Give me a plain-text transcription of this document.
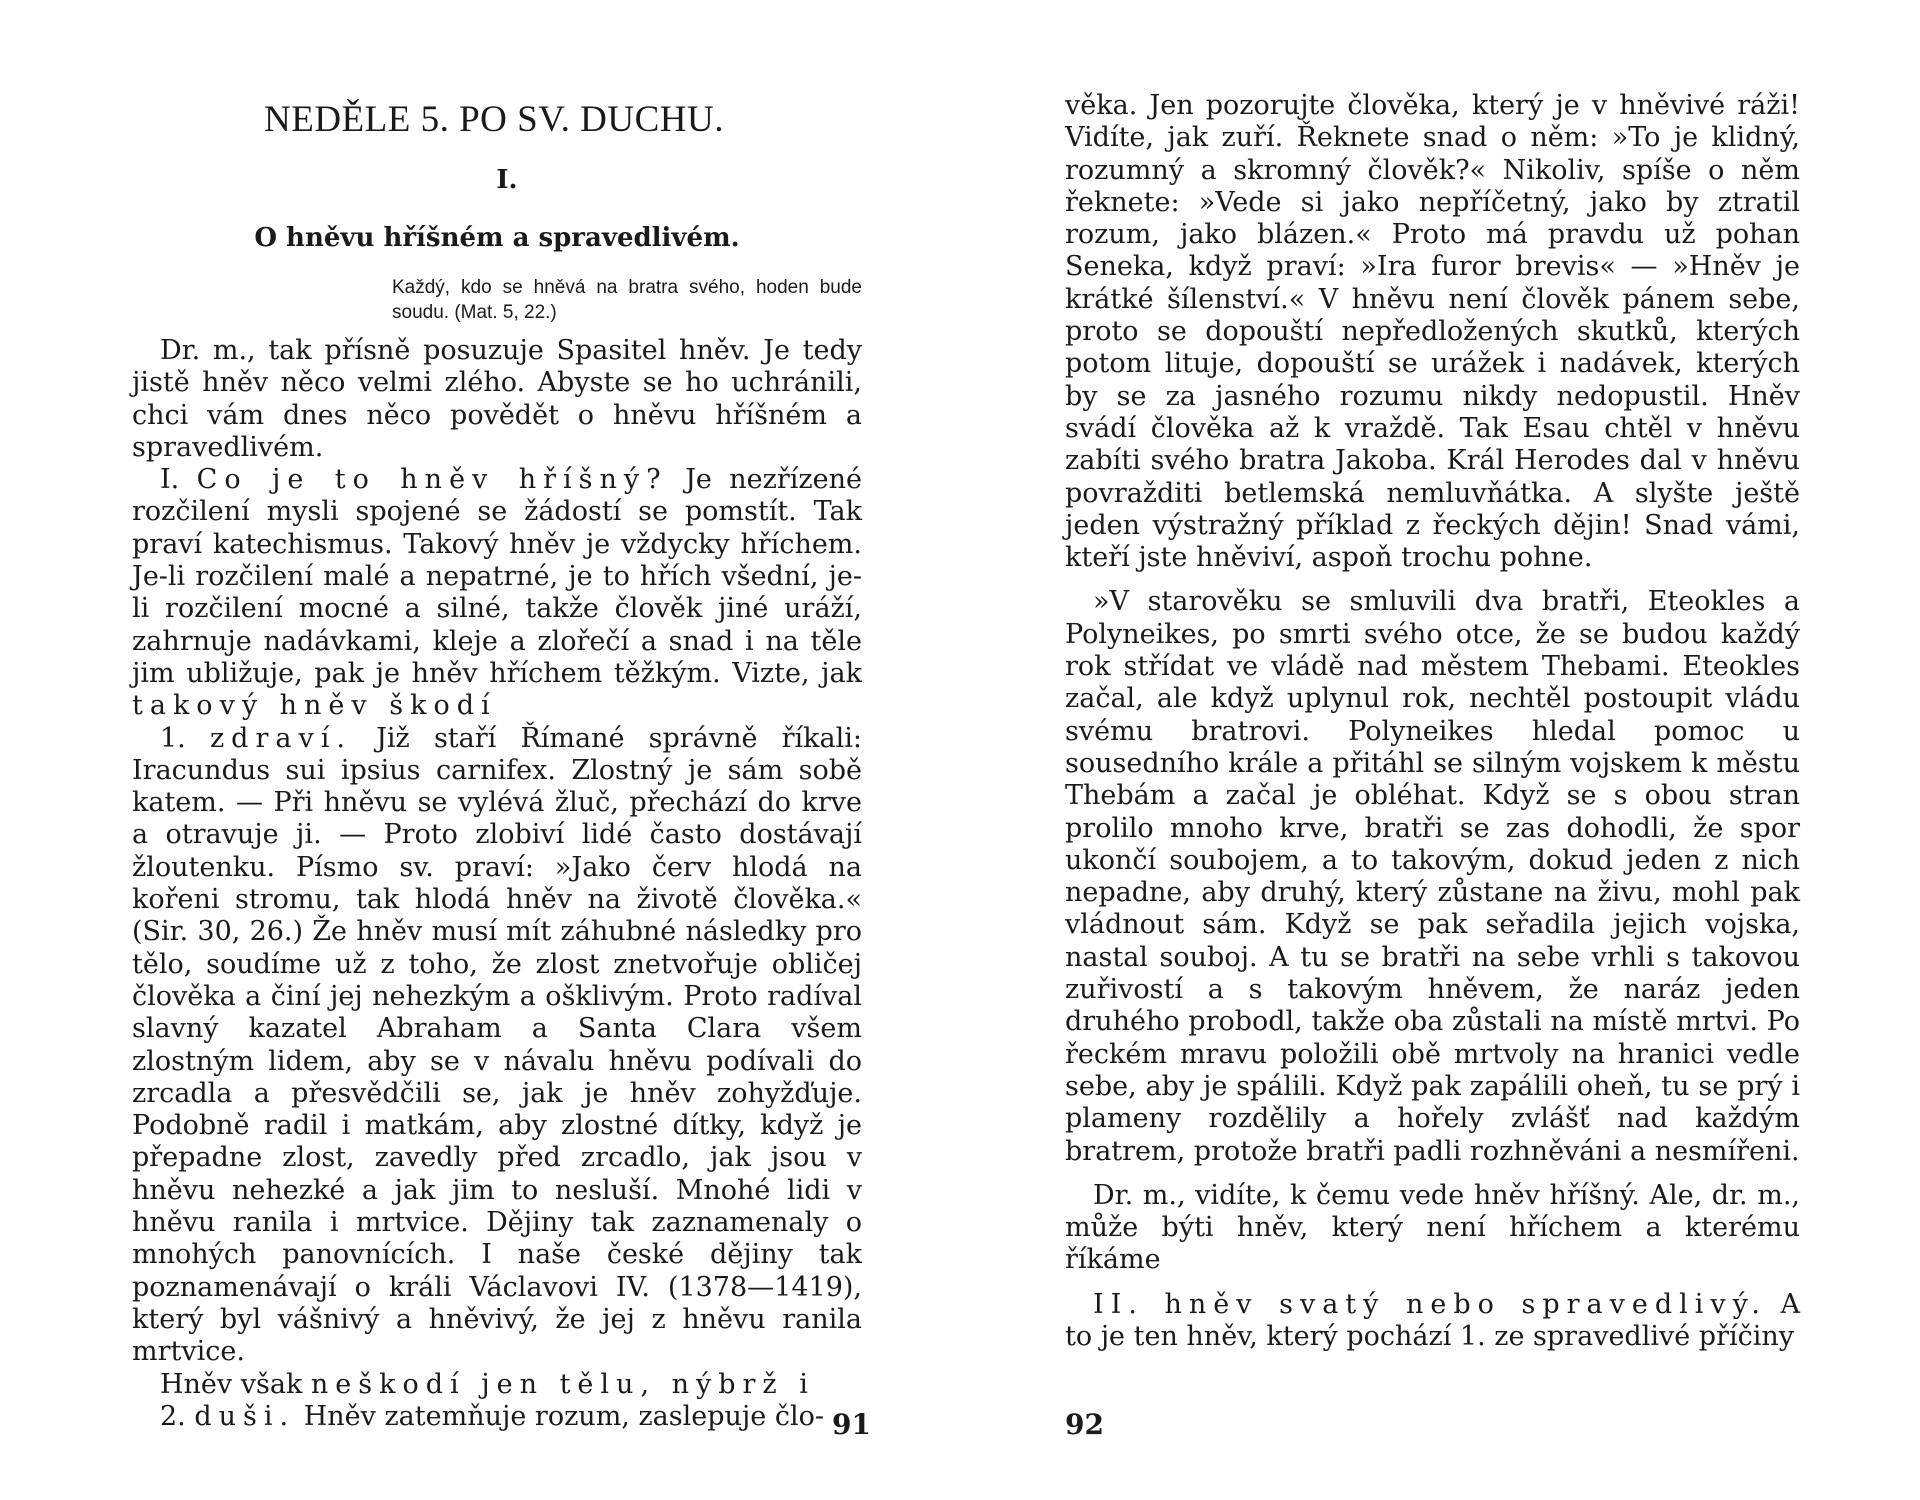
NEDĚLE 5. PO SV. DUCHU.
I.
O hněvu hříšném a spravedlivém.
Každý, kdo se hněvá na bratra svého, hoden bude soudu. (Mat. 5, 22.)

Dr. m., tak přísně posuzuje Spasitel hněv. Je tedy jistě hněv něco velmi zlého. Abyste se ho uchránili, chci vám dnes něco povědět o hněvu hříšném a spravedlivém.

I. Co je to hněv hříšný? Je nezřízené rozčilení mysli spojené se žádostí se pomstít. Tak praví katechismus. Takový hněv je vždycky hříchem. Je-li rozčilení malé a nepatrné, je to hřích všední, je-li rozčilení mocné a silné, takže člověk jiné uráží, zahrnuje nadávkami, kleje a zlořečí a snad i na těle jim ubližuje, pak je hněv hříchem těžkým. Vizte, jak takový hněv škodí

1. zdraví. Již staří Římané správně říkali: Iracundus sui ipsius carnifex. Zlostný je sám sobě katem. — Při hněvu se vylévá žluč, přechází do krve a otravuje ji. — Proto zlobiví lidé často dostávají žloutenku. Písmo sv. praví: »Jako červ hlodá na kořeni stromu, tak hlodá hněv na životě člověka.« (Sir. 30, 26.) Že hněv musí mít záhubné následky pro tělo, soudíme už z toho, že zlost znetvořuje obličej člověka a činí jej nehezkým a ošklivým. Proto radíval slavný kazatel Abraham a Santa Clara všem zlostným lidem, aby se v návalu hněvu podívali do zrcadla a přesvědčili se, jak je hněv zohyžďuje. Podobně radil i matkám, aby zlostné dítky, když je přepadne zlost, zavedly před zrcadlo, jak jsou v hněvu nehezké a jak jim to nesluší. Mnohé lidi v hněvu ranila i mrtvice. Dějiny tak zaznamenaly o mnohých panovnících. I naše české dějiny tak poznamenávají o králi Václavovi IV. (1378—1419), který byl vášnivý a hněvivý, že jej z hněvu ranila mrtvice.

Hněv však neškodí jen tělu, nýbrž i

2. duši. Hněv zatemňuje rozum, zaslepuje člo- 91

věka. Jen pozorujte člověka, který je v hněvivé ráži! Vidíte, jak zuří. Řeknete snad o něm: »To je klidný, rozumný a skromný člověk?« Nikoliv, spíše o něm řeknete: »Vede si jako nepříčetný, jako by ztratil rozum, jako blázen.« Proto má pravdu už pohan Seneka, když praví: »Ira furor brevis« — »Hněv je krátké šílenství.« V hněvu není člověk pánem sebe, proto se dopouští nepředložených skutků, kterých potom lituje, dopouští se urážek i nadávek, kterých by se za jasného rozumu nikdy nedopustil. Hněv svádí člověka až k vraždě. Tak Esau chtěl v hněvu zabíti svého bratra Jakoba. Král Herodes dal v hněvu povražditi betlemská nemluvňátka. A slyšte ještě jeden výstražný příklad z řeckých dějin! Snad vámi, kteří jste hněviví, aspoň trochu pohne.

»V starověku se smluvili dva bratři, Eteokles a Polyneikes, po smrti svého otce, že se budou každý rok střídat ve vládě nad městem Thebami. Eteokles začal, ale když uplynul rok, nechtěl postoupit vládu svému bratrovi. Polyneikes hledal pomoc u sousedního krále a přitáhl se silným vojskem k městu Thebám a začal je obléhat. Když se s obou stran prolilo mnoho krve, bratři se zas dohodli, že spor ukončí soubojem, a to takovým, dokud jeden z nich nepadne, aby druhý, který zůstane na živu, mohl pak vládnout sám. Když se pak seřadila jejich vojska, nastal souboj. A tu se bratři na sebe vrhli s takovou zuřivostí a s takovým hněvem, že naráz jeden druhého probodl, takže oba zůstali na místě mrtvi. Po řeckém mravu položili obě mrtvoly na hranici vedle sebe, aby je spálili. Když pak zapálili oheň, tu se prý i plameny rozdělily a hořely zvlášť nad každým bratrem, protože bratři padli rozhněváni a nesmířeni.

Dr. m., vidíte, k čemu vede hněv hříšný. Ale, dr. m., může býti hněv, který není hříchem a kterému říkáme

II. hněv svatý nebo spravedlivý. A to je ten hněv, který pochází 1. ze spravedlivé příčiny

92
